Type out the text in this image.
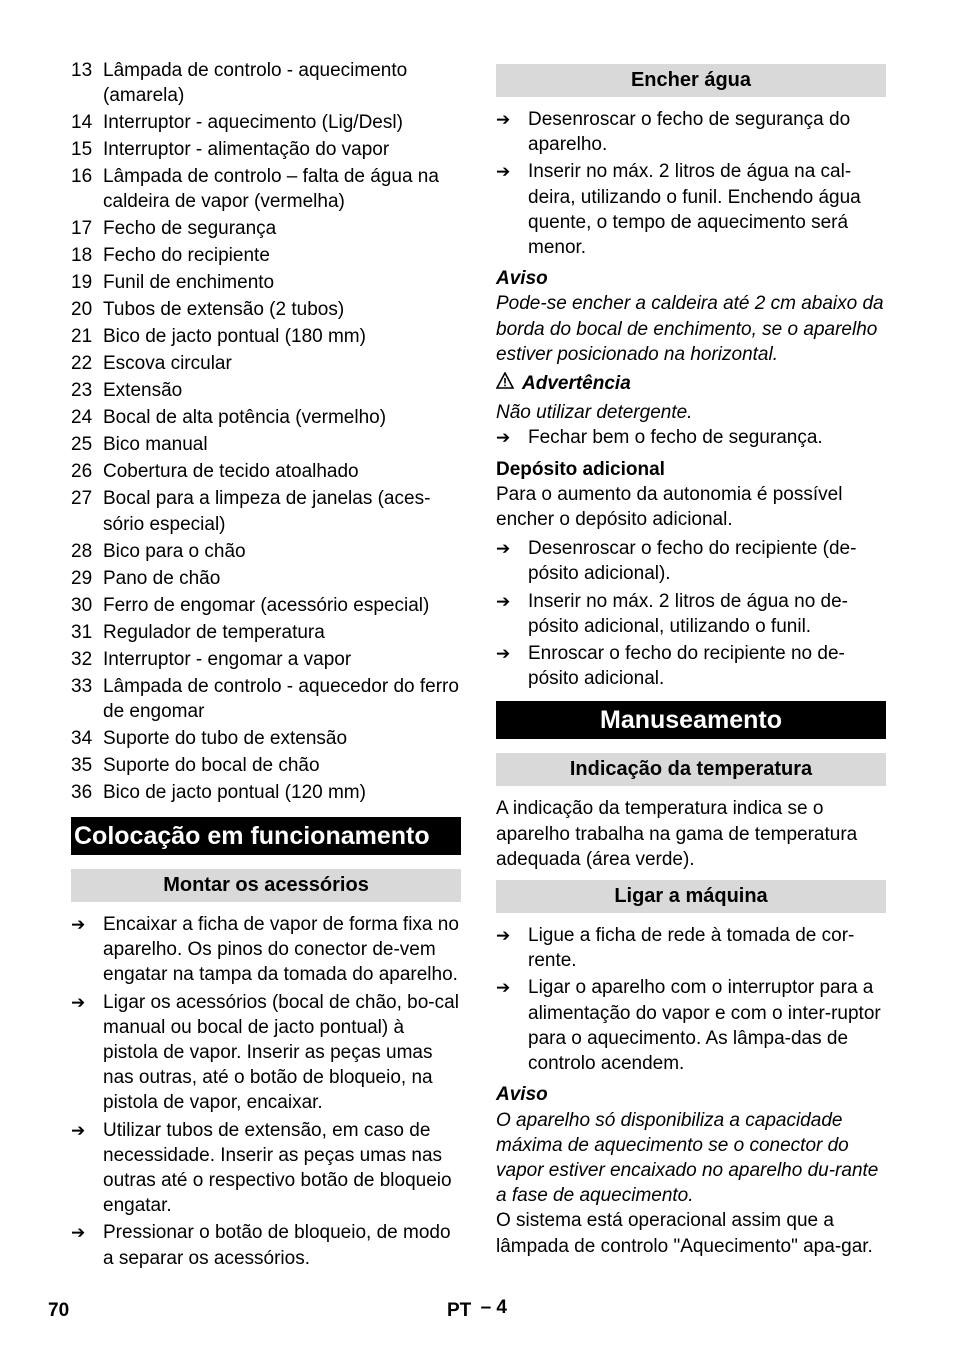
13 Lâmpada de controlo - aquecimento (amarela)
14 Interruptor - aquecimento (Lig/Desl)
15 Interruptor - alimentação do vapor
16 Lâmpada de controlo – falta de água na caldeira de vapor (vermelha)
17 Fecho de segurança
18 Fecho do recipiente
19 Funil de enchimento
20 Tubos de extensão (2 tubos)
21 Bico de jacto pontual (180 mm)
22 Escova circular
23 Extensão
24 Bocal de alta potência (vermelho)
25 Bico manual
26 Cobertura de tecido atoalhado
27 Bocal para a limpeza de janelas (aces-sório especial)
28 Bico para o chão
29 Pano de chão
30 Ferro de engomar (acessório especial)
31 Regulador de temperatura
32 Interruptor - engomar a vapor
33 Lâmpada de controlo - aquecedor do ferro de engomar
34 Suporte do tubo de extensão
35 Suporte do bocal de chão
36 Bico de jacto pontual (120 mm)
Colocação em funcionamento
Montar os acessórios
➔ Encaixar a ficha de vapor de forma fixa no aparelho. Os pinos do conector de-vem engatar na tampa da tomada do aparelho.
➔ Ligar os acessórios (bocal de chão, bo-cal manual ou bocal de jacto pontual) à pistola de vapor. Inserir as peças umas nas outras, até o botão de bloqueio, na pistola de vapor, encaixar.
➔ Utilizar tubos de extensão, em caso de necessidade. Inserir as peças umas nas outras até o respectivo botão de bloqueio engatar.
➔ Pressionar o botão de bloqueio, de modo a separar os acessórios.
Encher água
➔ Desenroscar o fecho de segurança do aparelho.
➔ Inserir no máx. 2 litros de água na cal-deira, utilizando o funil. Enchendo água quente, o tempo de aquecimento será menor.
Aviso
Pode-se encher a caldeira até 2 cm abaixo da borda do bocal de enchimento, se o aparelho estiver posicionado na horizontal.
Advertência
Não utilizar detergente.
➔ Fechar bem o fecho de segurança.
Depósito adicional
Para o aumento da autonomia é possível encher o depósito adicional.
➔ Desenroscar o fecho do recipiente (de-pósito adicional).
➔ Inserir no máx. 2 litros de água no de-pósito adicional, utilizando o funil.
➔ Enroscar o fecho do recipiente no de-pósito adicional.
Manuseamento
Indicação da temperatura
A indicação da temperatura indica se o aparelho trabalha na gama de temperatura adequada (área verde).
Ligar a máquina
➔ Ligue a ficha de rede à tomada de cor-rente.
➔ Ligar o aparelho com o interruptor para a alimentação do vapor e com o inter-ruptor para o aquecimento. As lâmpa-das de controlo acendem.
Aviso
O aparelho só disponibiliza a capacidade máxima de aquecimento se o conector do vapor estiver encaixado no aparelho du-rante a fase de aquecimento.
O sistema está operacional assim que a lâmpada de controlo "Aquecimento" apa-gar.
70	PT – 4
